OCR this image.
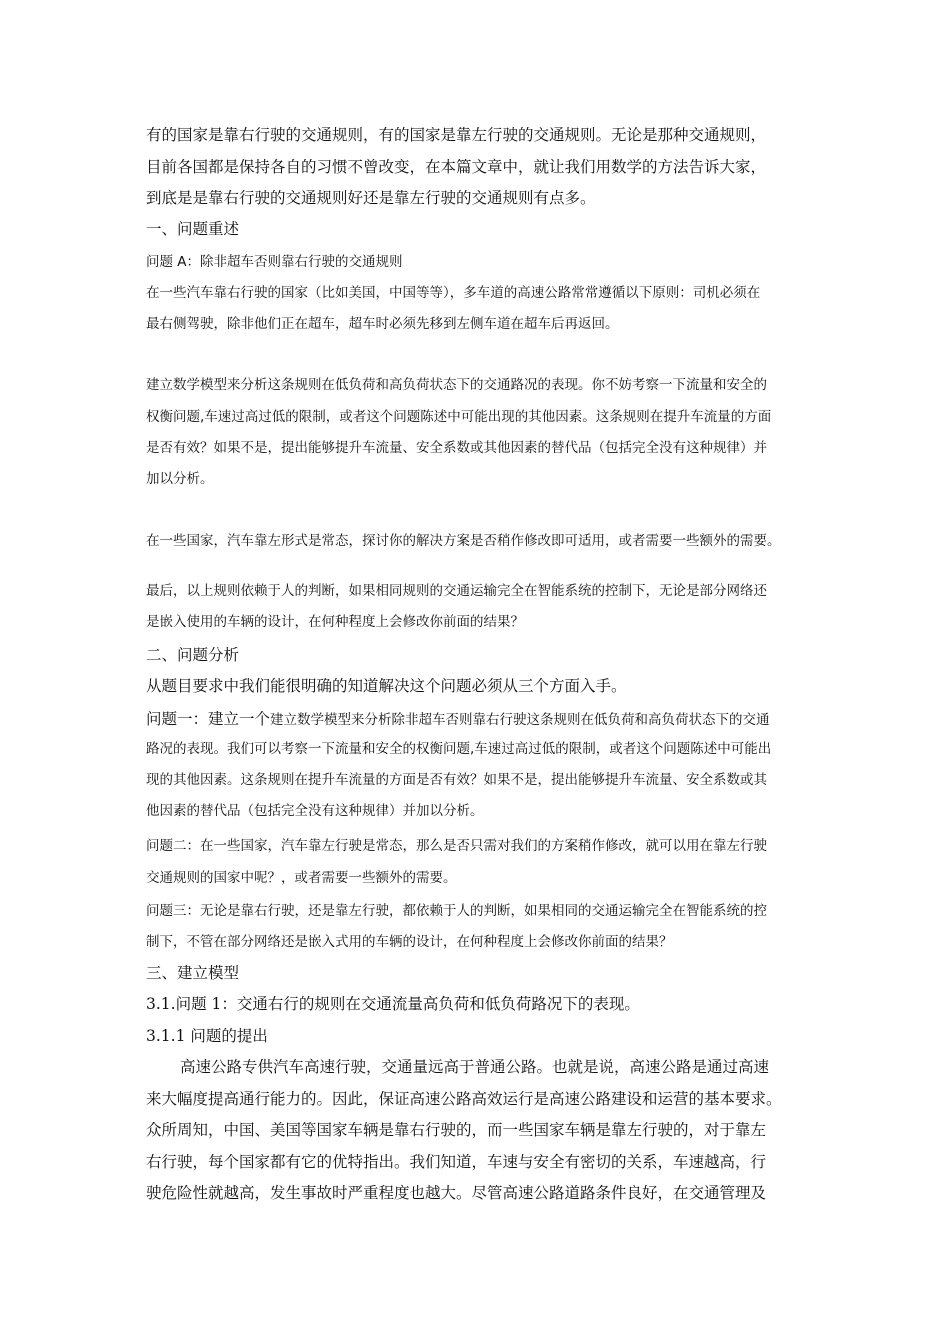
有的国家是靠右行驶的交通规则，有的国家是靠左行驶的交通规则。无论是那种交通规则，
目前各国都是保持各自的习惯不曾改变，在本篇文章中，就让我们用数学的方法告诉大家，
到底是是靠右行驶的交通规则好还是靠左行驶的交通规则有点多。
一、问题重述
问题 A：除非超车否则靠右行驶的交通规则
在一些汽车靠右行驶的国家（比如美国，中国等等），多车道的高速公路常常遵循以下原则：司机必须在
最右侧驾驶，除非他们正在超车，超车时必须先移到左侧车道在超车后再返回。
建立数学模型来分析这条规则在低负荷和高负荷状态下的交通路况的表现。你不妨考察一下流量和安全的
权衡问题,车速过高过低的限制，或者这个问题陈述中可能出现的其他因素。这条规则在提升车流量的方面
是否有效？如果不是，提出能够提升车流量、安全系数或其他因素的替代品（包括完全没有这种规律）并
加以分析。
在一些国家，汽车靠左形式是常态，探讨你的解决方案是否稍作修改即可适用，或者需要一些额外的需要。
最后，以上规则依赖于人的判断，如果相同规则的交通运输完全在智能系统的控制下，无论是部分网络还
是嵌入使用的车辆的设计，在何种程度上会修改你前面的结果？
二、问题分析
从题目要求中我们能很明确的知道解决这个问题必须从三个方面入手。
问题一：建立一个建立数学模型来分析除非超车否则靠右行驶这条规则在低负荷和高负荷状态下的交通
路况的表现。我们可以考察一下流量和安全的权衡问题,车速过高过低的限制，或者这个问题陈述中可能出
现的其他因素。这条规则在提升车流量的方面是否有效？如果不是，提出能够提升车流量、安全系数或其
他因素的替代品（包括完全没有这种规律）并加以分析。
问题二：在一些国家，汽车靠左行驶是常态，那么是否只需对我们的方案稍作修改，就可以用在靠左行驶
交通规则的国家中呢？，或者需要一些额外的需要。
问题三：无论是靠右行驶，还是靠左行驶，都依赖于人的判断，如果相同的交通运输完全在智能系统的控
制下，不管在部分网络还是嵌入式用的车辆的设计，在何种程度上会修改你前面的结果？
三、建立模型
3.1.问题 1：交通右行的规则在交通流量高负荷和低负荷路况下的表现。
3.1.1 问题的提出
高速公路专供汽车高速行驶，交通量远高于普通公路。也就是说，高速公路是通过高速
来大幅度提高通行能力的。因此，保证高速公路高效运行是高速公路建设和运营的基本要求。
众所周知，中国、美国等国家车辆是靠右行驶的，而一些国家车辆是靠左行驶的，对于靠左
右行驶，每个国家都有它的优特指出。我们知道，车速与安全有密切的关系，车速越高，行
驶危险性就越高，发生事故时严重程度也越大。尽管高速公路道路条件良好，在交通管理及
